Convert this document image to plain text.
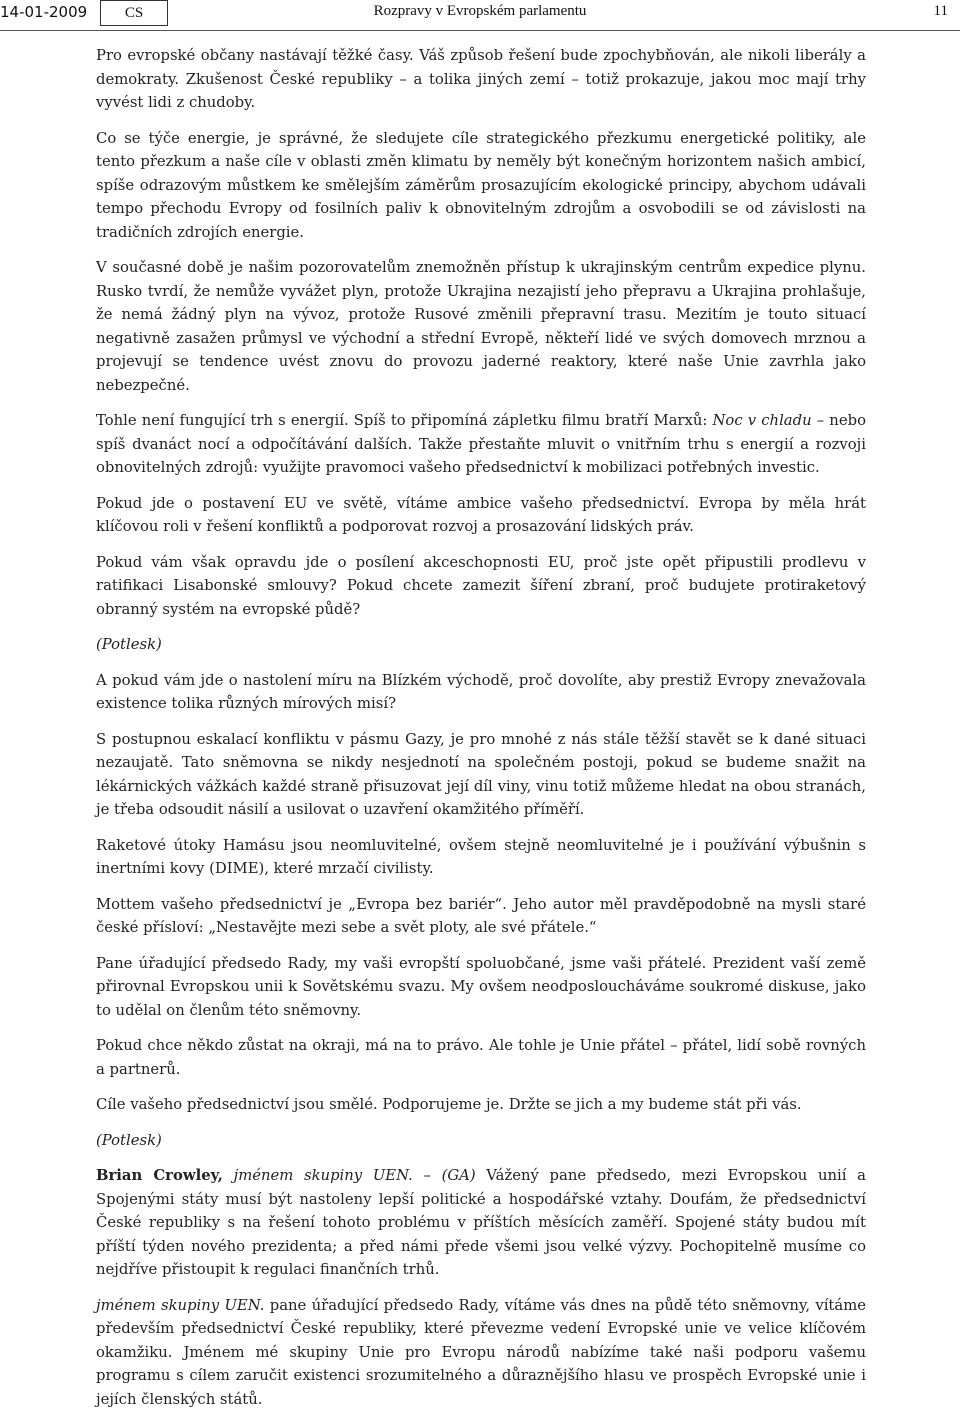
14-01-2009	CS	Rozpravy v Evropském parlamentu	11

Pro evropské občany nastávají těžké časy. Váš způsob řešení bude zpochybňován, ale nikoli liberály a demokraty. Zkušenost České republiky – a tolika jiných zemí – totiž prokazuje, jakou moc mají trhy vyvést lidi z chudoby.

Co se týče energie, je správné, že sledujete cíle strategického přezkumu energetické politiky, ale tento přezkum a naše cíle v oblasti změn klimatu by neměly být konečným horizontem našich ambicí, spíše odrazovým můstkem ke smělejším záměrům prosazujícím ekologické principy, abychom udávali tempo přechodu Evropy od fosilních paliv k obnovitelným zdrojům a osvobodili se od závislosti na tradičních zdrojích energie.

V současné době je našim pozorovatelům znemožněn přístup k ukrajinským centrům expedice plynu. Rusko tvrdí, že nemůže vyvážet plyn, protože Ukrajina nezajistí jeho přepravu a Ukrajina prohlašuje, že nemá žádný plyn na vývoz, protože Rusové změnili přepravní trasu. Mezitím je touto situací negativně zasažen průmysl ve východní a střední Evropě, někteří lidé ve svých domovech mrznou a projevují se tendence uvést znovu do provozu jaderné reaktory, které naše Unie zavrhla jako nebezpečné.

Tohle není fungující trh s energií. Spíš to připomíná zápletku filmu bratří Marxů: Noc v chladu – nebo spíš dvanáct nocí a odpočítávání dalších. Takže přestaňte mluvit o vnitřním trhu s energií a rozvoji obnovitelných zdrojů: využijte pravomoci vašeho předsednictví k mobilizaci potřebných investic.

Pokud jde o postavení EU ve světě, vítáme ambice vašeho předsednictví. Evropa by měla hrát klíčovou roli v řešení konfliktů a podporovat rozvoj a prosazování lidských práv.

Pokud vám však opravdu jde o posílení akceschopnosti EU, proč jste opět připustili prodlevu v ratifikaci Lisabonské smlouvy? Pokud chcete zamezit šíření zbraní, proč budujete protiraketový obranný systém na evropské půdě?

(Potlesk)

A pokud vám jde o nastolení míru na Blízkém východě, proč dovolíte, aby prestiž Evropy znevažovala existence tolika různých mírových misí?

S postupnou eskalací konfliktu v pásmu Gazy, je pro mnohé z nás stále těžší stavět se k dané situaci nezaujatě. Tato sněmovna se nikdy nesjednotí na společném postoji, pokud se budeme snažit na lékárnických vážkách každé straně přisuzovat její díl viny, vinu totiž můžeme hledat na obou stranách, je třeba odsoudit násilí a usilovat o uzavření okamžitého příměří.

Raketové útoky Hamásu jsou neomluvitelné, ovšem stejně neomluvitelné je i používání výbušnin s inertními kovy (DIME), které mrzačí civilisty.

Mottem vašeho předsednictví je „Evropa bez bariér“. Jeho autor měl pravděpodobně na mysli staré české přísloví: „Nestavějte mezi sebe a svět ploty, ale své přátele.“

Pane úřadující předsedo Rady, my vaši evropští spoluobčané, jsme vaši přátelé. Prezident vaší země přirovnal Evropskou unii k Sovětskému svazu. My ovšem neodposloucháváme soukromé diskuse, jako to udělal on členům této sněmovny.

Pokud chce někdo zůstat na okraji, má na to právo. Ale tohle je Unie přátel – přátel, lidí sobě rovných a partnerů.

Cíle vašeho předsednictví jsou smělé. Podporujeme je. Držte se jich a my budeme stát při vás.

(Potlesk)

Brian Crowley, jménem skupiny UEN. – (GA) Vážený pane předsedo, mezi Evropskou unií a Spojenými státy musí být nastoleny lepší politické a hospodářské vztahy. Doufám, že předsednictví České republiky s na řešení tohoto problému v příštích měsících zaměří. Spojené státy budou mít příští týden nového prezidenta; a před námi přede všemi jsou velké výzvy. Pochopitelně musíme co nejdříve přistoupit k regulaci finančních trhů.

jménem skupiny UEN. pane úřadující předsedo Rady, vítáme vás dnes na půdě této sněmovny, vítáme především předsednictví České republiky, které převezme vedení Evropské unie ve velice klíčovém okamžiku. Jménem mé skupiny Unie pro Evropu národů nabízíme také naši podporu vašemu programu s cílem zaručit existenci srozumitelného a důraznějšího hlasu ve prospěch Evropské unie i jejích členských států.
